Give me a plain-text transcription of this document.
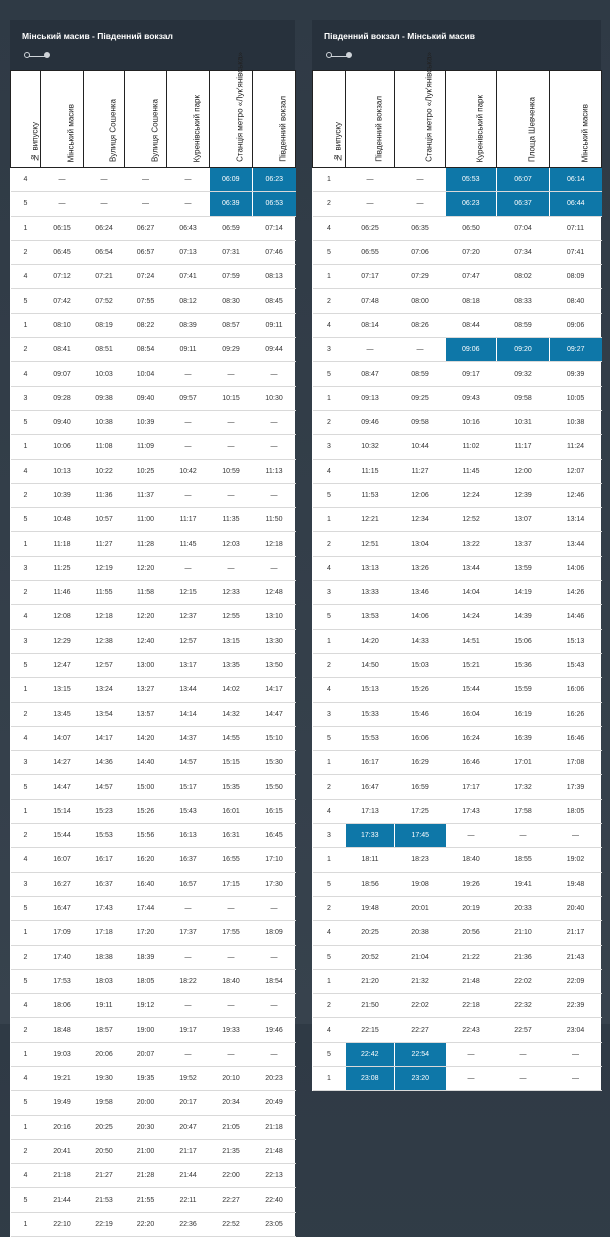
Мінський масив - Південний вокзал
№ випуску	Мінський масив	Вулиця Сошенка	Вулиця Сошенка	Куренівський парк	Станція метро «Лук'янівська»	Південний вокзал

4	—	—	—	—	06:09	06:23
5	—	—	—	—	06:39	06:53
1	06:15	06:24	06:27	06:43	06:59	07:14
2	06:45	06:54	06:57	07:13	07:31	07:46
4	07:12	07:21	07:24	07:41	07:59	08:13
5	07:42	07:52	07:55	08:12	08:30	08:45
1	08:10	08:19	08:22	08:39	08:57	09:11
2	08:41	08:51	08:54	09:11	09:29	09:44
4	09:07	10:03	10:04	—	—	—
3	09:28	09:38	09:40	09:57	10:15	10:30
5	09:40	10:38	10:39	—	—	—
1	10:06	11:08	11:09	—	—	—
4	10:13	10:22	10:25	10:42	10:59	11:13
2	10:39	11:36	11:37	—	—	—
5	10:48	10:57	11:00	11:17	11:35	11:50
1	11:18	11:27	11:28	11:45	12:03	12:18
3	11:25	12:19	12:20	—	—	—
2	11:46	11:55	11:58	12:15	12:33	12:48
4	12:08	12:18	12:20	12:37	12:55	13:10
3	12:29	12:38	12:40	12:57	13:15	13:30
5	12:47	12:57	13:00	13:17	13:35	13:50
1	13:15	13:24	13:27	13:44	14:02	14:17
2	13:45	13:54	13:57	14:14	14:32	14:47
4	14:07	14:17	14:20	14:37	14:55	15:10
3	14:27	14:36	14:40	14:57	15:15	15:30
5	14:47	14:57	15:00	15:17	15:35	15:50
1	15:14	15:23	15:26	15:43	16:01	16:15
2	15:44	15:53	15:56	16:13	16:31	16:45
4	16:07	16:17	16:20	16:37	16:55	17:10
3	16:27	16:37	16:40	16:57	17:15	17:30
5	16:47	17:43	17:44	—	—	—
1	17:09	17:18	17:20	17:37	17:55	18:09
2	17:40	18:38	18:39	—	—	—
5	17:53	18:03	18:05	18:22	18:40	18:54
4	18:06	19:11	19:12	—	—	—
2	18:48	18:57	19:00	19:17	19:33	19:46
1	19:03	20:06	20:07	—	—	—
4	19:21	19:30	19:35	19:52	20:10	20:23
5	19:49	19:58	20:00	20:17	20:34	20:49
1	20:16	20:25	20:30	20:47	21:05	21:18
2	20:41	20:50	21:00	21:17	21:35	21:48
4	21:18	21:27	21:28	21:44	22:00	22:13
5	21:44	21:53	21:55	22:11	22:27	22:40
1	22:10	22:19	22:20	22:36	22:52	23:05
Південний вокзал - Мінський масив
№ випуску	Південний вокзал	Станція метро «Лук'янівська»	Куренівський парк	Площа Шевченка	Мінський масив

1	—	—	05:53	06:07	06:14
2	—	—	06:23	06:37	06:44
4	06:25	06:35	06:50	07:04	07:11
5	06:55	07:06	07:20	07:34	07:41
1	07:17	07:29	07:47	08:02	08:09
2	07:48	08:00	08:18	08:33	08:40
4	08:14	08:26	08:44	08:59	09:06
3	—	—	09:06	09:20	09:27
5	08:47	08:59	09:17	09:32	09:39
1	09:13	09:25	09:43	09:58	10:05
2	09:46	09:58	10:16	10:31	10:38
3	10:32	10:44	11:02	11:17	11:24
4	11:15	11:27	11:45	12:00	12:07
5	11:53	12:06	12:24	12:39	12:46
1	12:21	12:34	12:52	13:07	13:14
2	12:51	13:04	13:22	13:37	13:44
4	13:13	13:26	13:44	13:59	14:06
3	13:33	13:46	14:04	14:19	14:26
5	13:53	14:06	14:24	14:39	14:46
1	14:20	14:33	14:51	15:06	15:13
2	14:50	15:03	15:21	15:36	15:43
4	15:13	15:26	15:44	15:59	16:06
3	15:33	15:46	16:04	16:19	16:26
5	15:53	16:06	16:24	16:39	16:46
1	16:17	16:29	16:46	17:01	17:08
2	16:47	16:59	17:17	17:32	17:39
4	17:13	17:25	17:43	17:58	18:05
3	17:33	17:45	—	—	—
1	18:11	18:23	18:40	18:55	19:02
5	18:56	19:08	19:26	19:41	19:48
2	19:48	20:01	20:19	20:33	20:40
4	20:25	20:38	20:56	21:10	21:17
5	20:52	21:04	21:22	21:36	21:43
1	21:20	21:32	21:48	22:02	22:09
2	21:50	22:02	22:18	22:32	22:39
4	22:15	22:27	22:43	22:57	23:04
5	22:42	22:54	—	—	—
1	23:08	23:20	—	—	—
